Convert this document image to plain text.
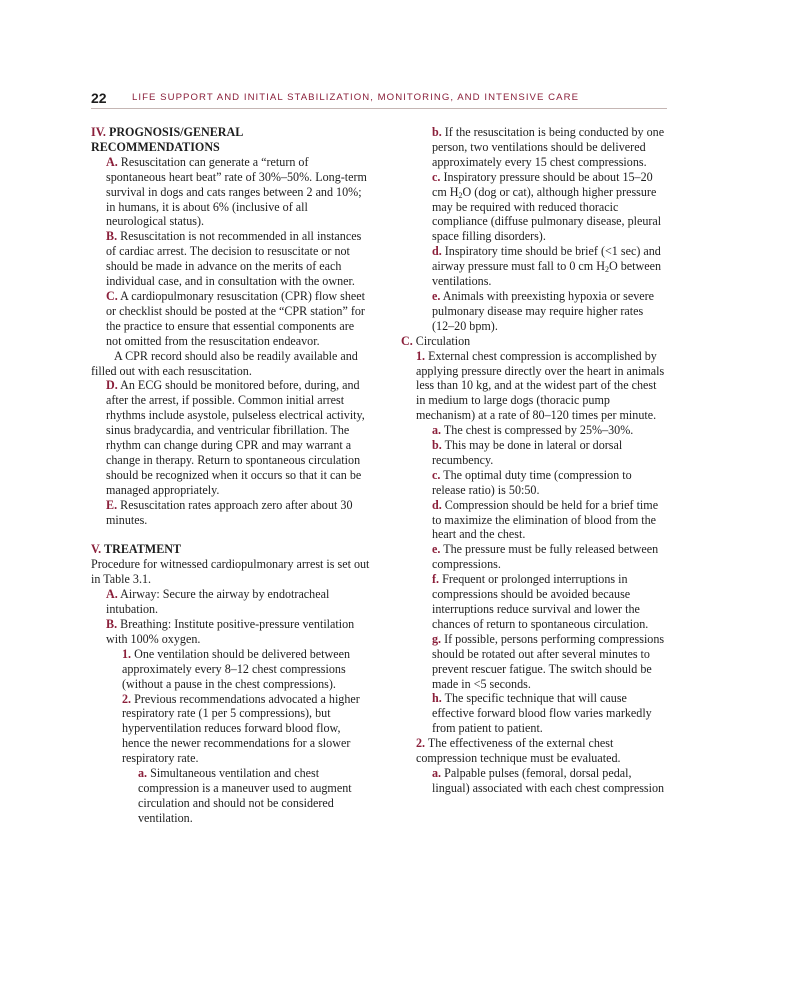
22	LIFE SUPPORT AND INITIAL STABILIZATION, MONITORING, AND INTENSIVE CARE

IV. PROGNOSIS/GENERAL RECOMMENDATIONS

A. Resuscitation can generate a “return of spontaneous heart beat” rate of 30%–50%. Long-term survival in dogs and cats ranges between 2 and 10%; in humans, it is about 6% (inclusive of all neurological status).

B. Resuscitation is not recommended in all instances of cardiac arrest. The decision to resuscitate or not should be made in advance on the merits of each individual case, and in consultation with the owner.

C. A cardiopulmonary resuscitation (CPR) flow sheet or checklist should be posted at the “CPR station” for the practice to ensure that essential components are not omitted from the resuscitation endeavor.

A CPR record should also be readily available and filled out with each resuscitation.

D. An ECG should be monitored before, during, and after the arrest, if possible. Common initial arrest rhythms include asystole, pulseless electrical activity, sinus bradycardia, and ventricular fibrillation. The rhythm can change during CPR and may warrant a change in therapy. Return to spontaneous circulation should be recognized when it occurs so that it can be managed appropriately.

E. Resuscitation rates approach zero after about 30 minutes.

V. TREATMENT

Procedure for witnessed cardiopulmonary arrest is set out in Table 3.1.

A. Airway: Secure the airway by endotracheal intubation.

B. Breathing: Institute positive-pressure ventilation with 100% oxygen.

1. One ventilation should be delivered between approximately every 8–12 chest compressions (without a pause in the chest compressions).

2. Previous recommendations advocated a higher respiratory rate (1 per 5 compressions), but hyperventilation reduces forward blood flow, hence the newer recommendations for a slower respiratory rate.

a. Simultaneous ventilation and chest compression is a maneuver used to augment circulation and should not be considered ventilation.

b. If the resuscitation is being conducted by one person, two ventilations should be delivered approximately every 15 chest compressions.

c. Inspiratory pressure should be about 15–20 cm $H_2O$ (dog or cat), although higher pressure may be required with reduced thoracic compliance (diffuse pulmonary disease, pleural space filling disorders).

d. Inspiratory time should be brief (<1 sec) and airway pressure must fall to 0 cm $H_2O$ between ventilations.

e. Animals with preexisting hypoxia or severe pulmonary disease may require higher rates (12–20 bpm).

C. Circulation

1. External chest compression is accomplished by applying pressure directly over the heart in animals less than 10 kg, and at the widest part of the chest in medium to large dogs (thoracic pump mechanism) at a rate of 80–120 times per minute.

a. The chest is compressed by 25%–30%.

b. This may be done in lateral or dorsal recumbency.

c. The optimal duty time (compression to release ratio) is 50:50.

d. Compression should be held for a brief time to maximize the elimination of blood from the heart and the chest.

e. The pressure must be fully released between compressions.

f. Frequent or prolonged interruptions in compressions should be avoided because interruptions reduce survival and lower the chances of return to spontaneous circulation.

g. If possible, persons performing compressions should be rotated out after several minutes to prevent rescuer fatigue. The switch should be made in <5 seconds.

h. The specific technique that will cause effective forward blood flow varies markedly from patient to patient.

2. The effectiveness of the external chest compression technique must be evaluated.

a. Palpable pulses (femoral, dorsal pedal, lingual) associated with each chest compression
